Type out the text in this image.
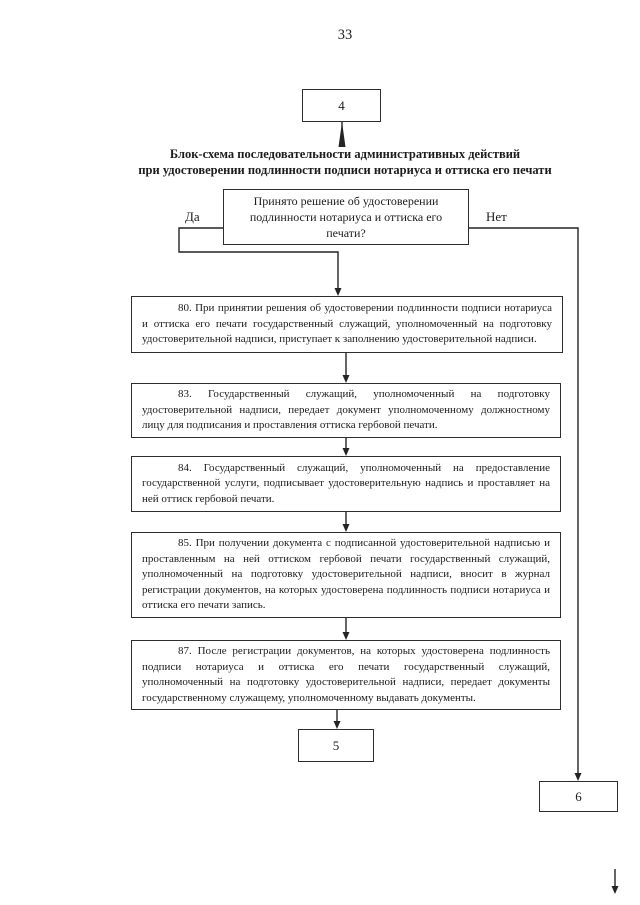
33
4
Блок-схема последовательности административных действий
при удостоверении подлинности подписи нотариуса и оттиска его печати
Принято решение об удостоверении подлинности нотариуса и оттиска его печати?
Да	Нет

80. При принятии решения об удостоверении подлинности подписи нотариуса и оттиска его печати государственный служащий, уполномоченный на подготовку удостоверительной надписи, приступает к заполнению удостоверительной надписи.

83. Государственный служащий, уполномоченный на подготовку удостоверительной надписи, передает документ уполномоченному должностному лицу для подписания и проставления оттиска гербовой печати.

84. Государственный служащий, уполномоченный на предоставление государственной услуги, подписывает удостоверительную надпись и проставляет на ней оттиск гербовой печати.

85. При получении документа с подписанной удостоверительной надписью и проставленным на ней оттиском гербовой печати государственный служащий, уполномоченный на подготовку удостоверительной надписи, вносит в журнал регистрации документов, на которых удостоверена подлинность подписи нотариуса и оттиска его печати запись.

87. После регистрации документов, на которых удостоверена подлинность подписи нотариуса и оттиска его печати государственный служащий, уполномоченный на подготовку удостоверительной надписи, передает документы государственному служащему, уполномоченному выдавать документы.

5
6
